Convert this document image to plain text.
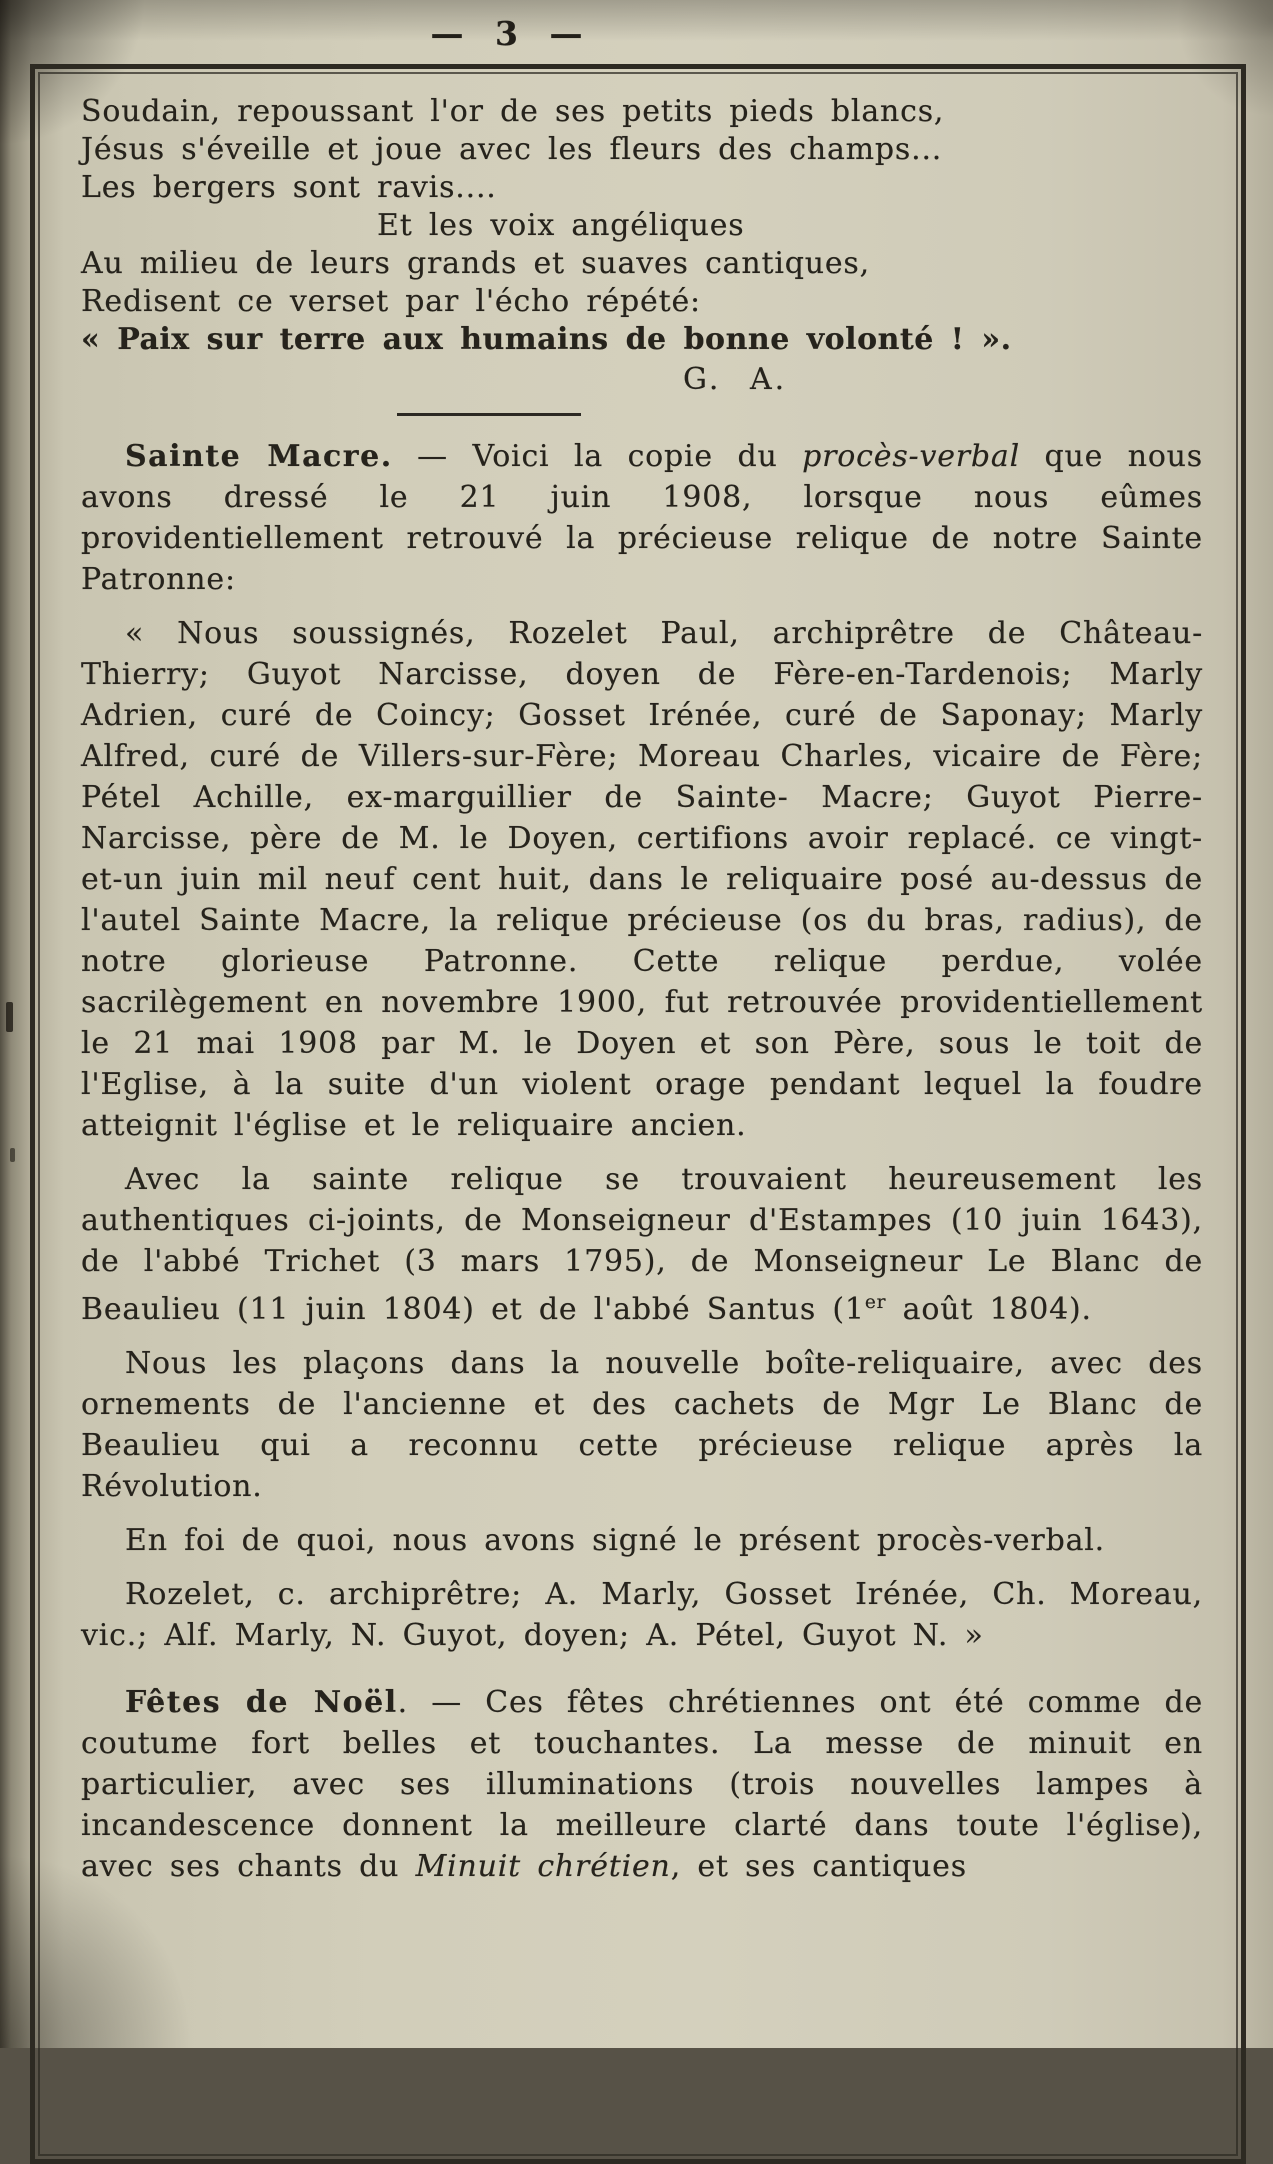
— 3 —
Soudain, repoussant l'or de ses petits pieds blancs,
Jésus s'éveille et joue avec les fleurs des champs...
Les bergers sont ravis....
Et les voix angéliques
Au milieu de leurs grands et suaves cantiques,
Redisent ce verset par l'écho répété:
« Paix sur terre aux humains de bonne volonté ! ».
G. A.

Sainte Macre. — Voici la copie du procès-verbal que nous avons dressé le 21 juin 1908, lorsque nous eûmes providentiellement retrouvé la précieuse relique de notre Sainte Patronne:

« Nous soussignés, Rozelet Paul, archiprêtre de Château-Thierry; Guyot Narcisse, doyen de Fère-en-Tardenois; Marly Adrien, curé de Coincy; Gosset Irénée, curé de Saponay; Marly Alfred, curé de Villers-sur-Fère; Moreau Charles, vicaire de Fère; Pétel Achille, ex-marguillier de Sainte- Macre; Guyot Pierre-Narcisse, père de M. le Doyen, certifions avoir replacé. ce vingt-et-un juin mil neuf cent huit, dans le reliquaire posé au-dessus de l'autel Sainte Macre, la relique précieuse (os du bras, radius), de notre glorieuse Patronne. Cette relique perdue, volée sacrilègement en novembre 1900, fut retrouvée providentiellement le 21 mai 1908 par M. le Doyen et son Père, sous le toit de l'Eglise, à la suite d'un violent orage pendant lequel la foudre atteignit l'église et le reliquaire ancien.

Avec la sainte relique se trouvaient heureusement les authentiques ci-joints, de Monseigneur d'Estampes (10 juin 1643), de l'abbé Trichet (3 mars 1795), de Monseigneur Le Blanc de Beaulieu (11 juin 1804) et de l'abbé Santus (1er août 1804).

Nous les plaçons dans la nouvelle boîte-reliquaire, avec des ornements de l'ancienne et des cachets de Mgr Le Blanc de Beaulieu qui a reconnu cette précieuse relique après la Révolution.

En foi de quoi, nous avons signé le présent procès-verbal.

Rozelet, c. archiprêtre; A. Marly, Gosset Irénée, Ch. Moreau, vic.; Alf. Marly, N. Guyot, doyen; A. Pétel, Guyot N. »

Fêtes de Noël. — Ces fêtes chrétiennes ont été comme de coutume fort belles et touchantes. La messe de minuit en particulier, avec ses illuminations (trois nouvelles lampes à incandescence donnent la meilleure clarté dans toute l'église), avec ses chants du Minuit chrétien, et ses cantiques
